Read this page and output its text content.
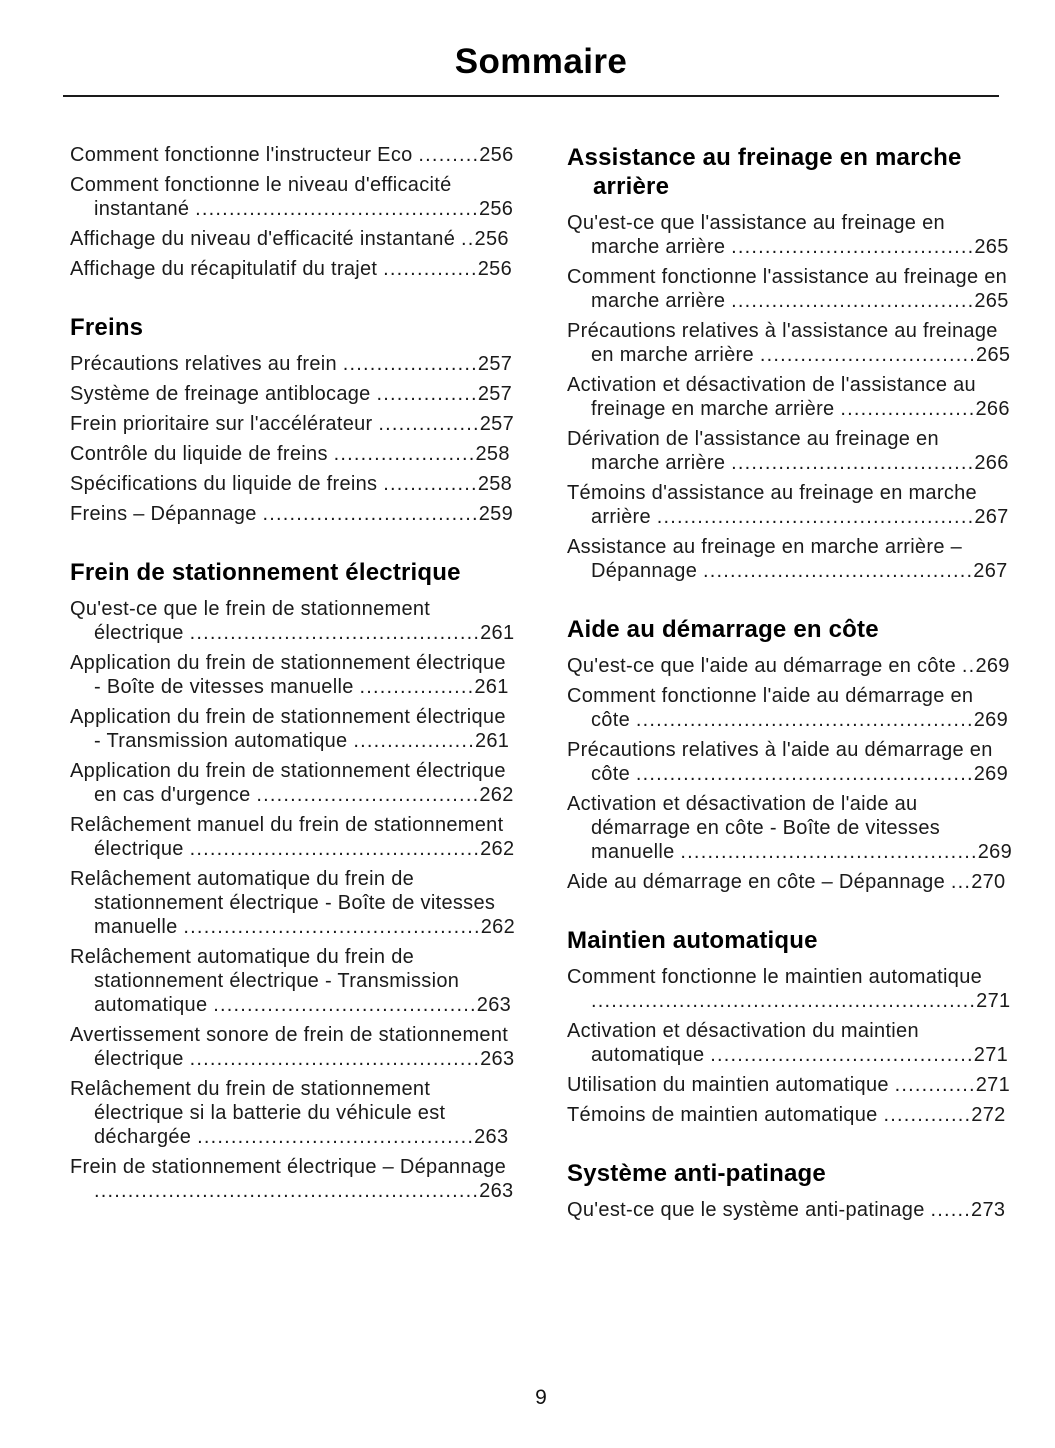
Sommaire
Comment fonctionne l'instructeur Eco .........256
Comment fonctionne le niveau d'efficacité instantané ..........................................256
Affichage du niveau d'efficacité instantané ..256
Affichage du récapitulatif du trajet ..............256
Freins
Précautions relatives au frein ....................257
Système de freinage antiblocage ...............257
Frein prioritaire sur l'accélérateur ...............257
Contrôle du liquide de freins .....................258
Spécifications du liquide de freins ..............258
Freins – Dépannage ................................259
Frein de stationnement électrique
Qu'est-ce que le frein de stationnement électrique ...........................................261
Application du frein de stationnement électrique - Boîte de vitesses manuelle .................261
Application du frein de stationnement électrique - Transmission automatique ..................261
Application du frein de stationnement électrique en cas d'urgence .................................262
Relâchement manuel du frein de stationnement électrique ...........................................262
Relâchement automatique du frein de stationnement électrique - Boîte de vitesses manuelle ............................................262
Relâchement automatique du frein de stationnement électrique - Transmission automatique .......................................263
Avertissement sonore de frein de stationnement électrique ...........................................263
Relâchement du frein de stationnement électrique si la batterie du véhicule est déchargée .........................................263
Frein de stationnement électrique – Dépannage .........................................................263
Assistance au freinage en marche arrière
Qu'est-ce que l'assistance au freinage en marche arrière ....................................265
Comment fonctionne l'assistance au freinage en marche arrière ....................................265
Précautions relatives à l'assistance au freinage en marche arrière ................................265
Activation et désactivation de l'assistance au freinage en marche arrière ....................266
Dérivation de l'assistance au freinage en marche arrière ....................................266
Témoins d'assistance au freinage en marche arrière ...............................................267
Assistance au freinage en marche arrière – Dépannage ........................................267
Aide au démarrage en côte
Qu'est-ce que l'aide au démarrage en côte ..269
Comment fonctionne l'aide au démarrage en côte ..................................................269
Précautions relatives à l'aide au démarrage en côte ..................................................269
Activation et désactivation de l'aide au démarrage en côte - Boîte de vitesses manuelle ............................................269
Aide au démarrage en côte – Dépannage ...270
Maintien automatique
Comment fonctionne le maintien automatique .........................................................271
Activation et désactivation du maintien automatique .......................................271
Utilisation du maintien automatique ............271
Témoins de maintien automatique .............272
Système anti-patinage
Qu'est-ce que le système anti-patinage ......273
9
